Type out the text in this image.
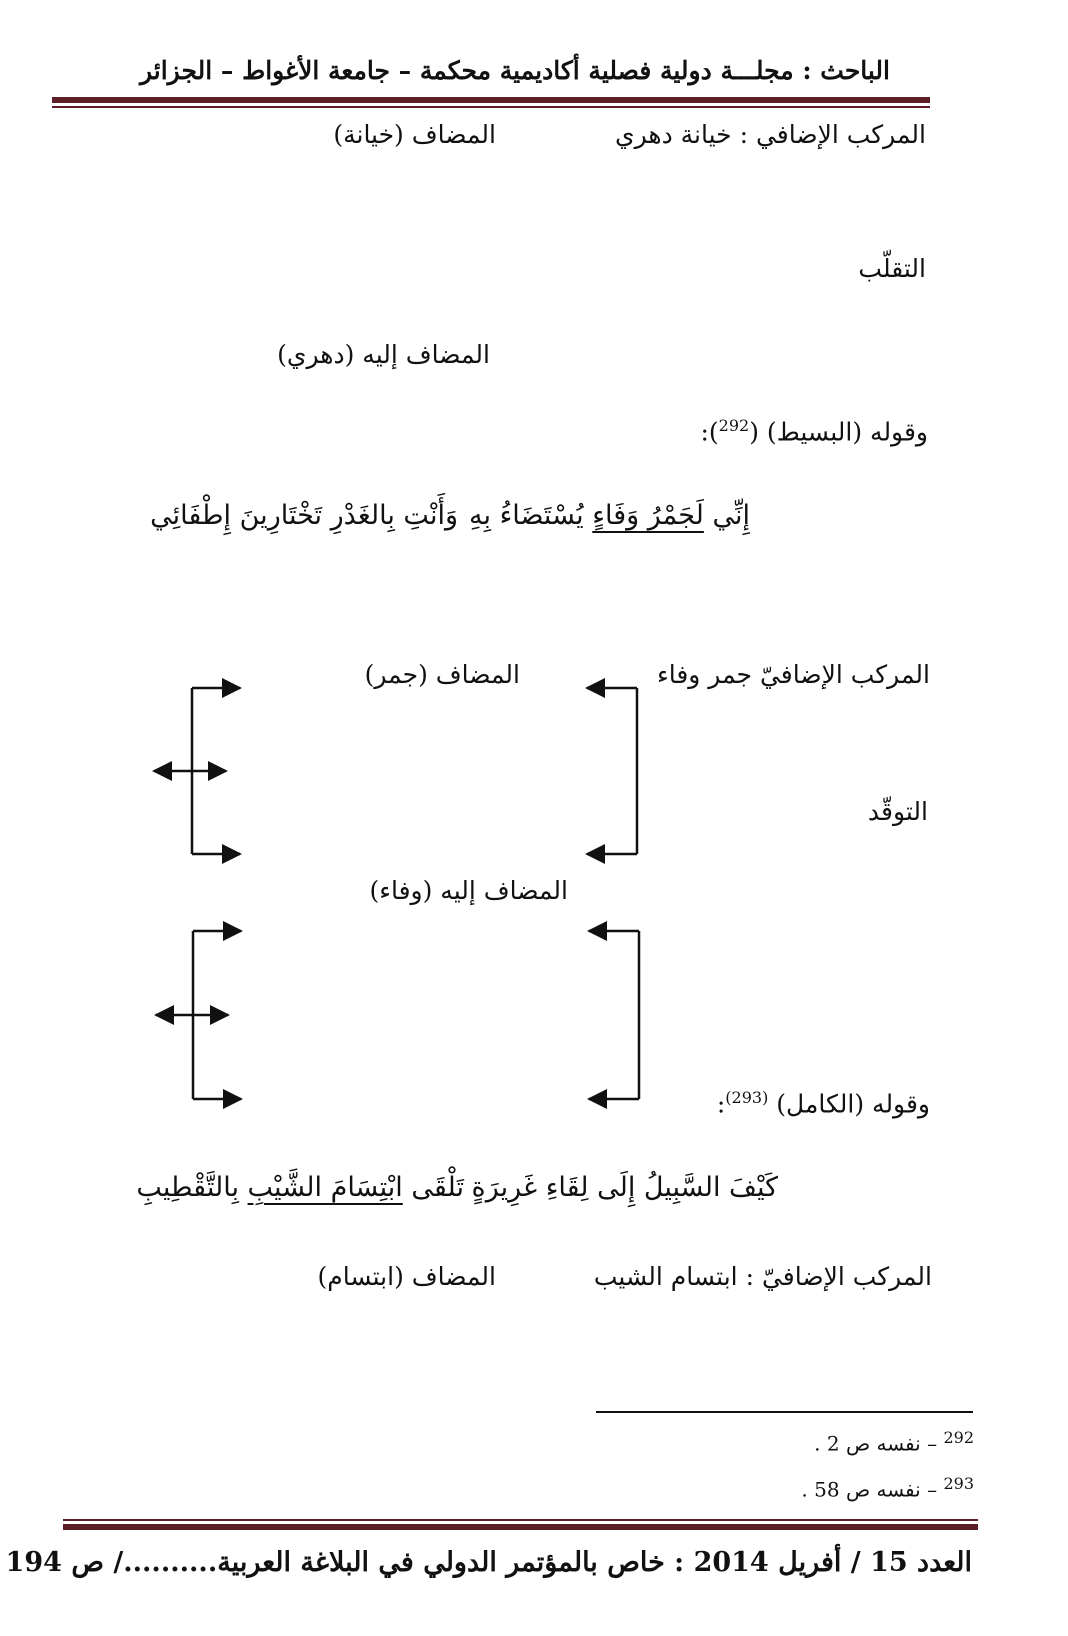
الباحث : مجلـــة دولية فصلية أكاديمية محكمة – جامعة الأغواط – الجزائر
المركب الإضافي : خيانة دهري
المضاف (خيانة)
التقلّب
المضاف إليه (دهري)
وقوله (البسيط) ($^{292}$):
إِنِّي لَجَمْرُ وَفَاءٍ يُسْتَضَاءُ بِهِ
وَأَنْتِ بِالغَدْرِ تَخْتَارِينَ إِطْفَائِي
المركب الإضافيّ جمر وفاء
المضاف (جمر)
التوقّد
المضاف إليه (وفاء)
وقوله (الكامل) $^{(293)}$:
كَيْفَ السَّبِيلُ إِلَى لِقَاءِ غَرِيرَةٍ
تَلْقَى ابْتِسَامَ الشَّيْبِ بِالتَّقْطِيبِ
المركب الإضافيّ : ابتسام الشيب
المضاف (ابتسام)
$^{292}$ – نفسه ص 2 .
$^{293}$ – نفسه ص 58 .
العدد 15 / أفريل 2014 : خاص بالمؤتمر الدولي في البلاغة العربية........../ ص 194
